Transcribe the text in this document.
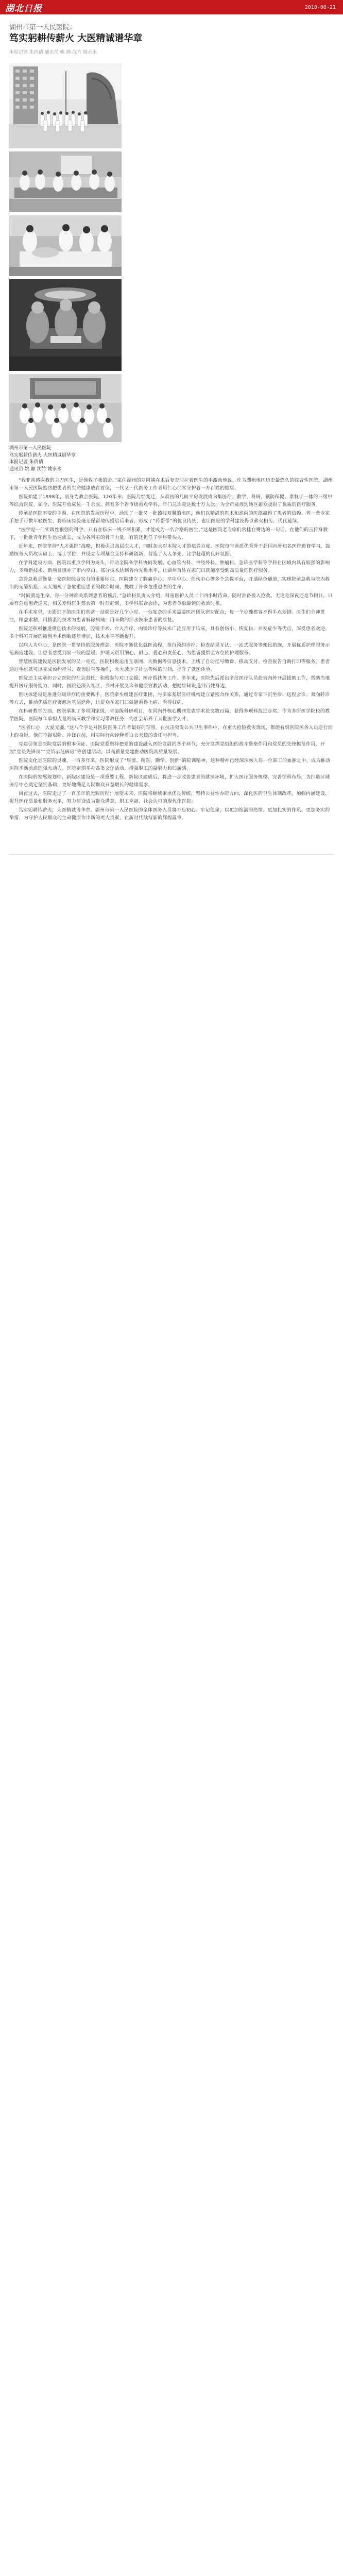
湖北日报	2018-08-21
湖州市第一人民医院：
笃实躬耕传薪火 大医精诚谱华章
本报记者 朱倩倩 通讯员 姚 静 沈竹 姚永水
湖州市第一人民医院
笃实躬耕传薪火 大医精诚谱华章
本报记者 朱倩倩
通讯员 姚 静 沈竹 姚永水

“我非常感谢我的主刀医生，是他救了我的命。”家住湖州的刘阿姨在术后复查时拉着医生的手激动地说。作为湖州地区历史最悠久的综合性医院，湖州市第一人民医院始终把患者的生命健康放在首位，一代又一代医务工作者用仁心仁术守护着一方百姓的健康。

医院始建于1898年，前身为教会医院，120年来，医院几经变迁，从最初的几间平房发展成为集医疗、教学、科研、预防保健、康复于一体的三级甲等综合医院。如今，医院开放床位一千余张，拥有多个省市级重点学科，年门急诊量达数十万人次，为全市及周边地区群众提供了优质的医疗服务。

传承是医院不变的主题。在医院的发展历程中，涌现了一批又一批德技双馨的名医，他们以精湛的医术和高尚的医德赢得了患者的信赖。老一辈专家手把手带教年轻医生，将临床经验毫无保留地传授给后来者，形成了“传帮带”的优良传统，也让医院的学科建设得以薪火相传、代代延续。

“医学是一门实践性很强的科学，只有在临床一线不断积累，才能成为一名合格的医生。”这是医院老专家们常挂在嘴边的一句话。在他们的言传身教下，一批批青年医生迅速成长，成为各科室的骨干力量，有的还担任了学科带头人。

近年来，医院坚持“人才强院”战略，积极引进高层次人才，同时加大对本院人才的培养力度。医院每年选派优秀骨干赴国内外知名医院进修学习，鼓励医务人员攻读硕士、博士学位，并设立专项基金支持科研创新，营造了人人争先、比学赶超的良好氛围。

在学科建设方面，医院以重点学科为龙头，带动全院各学科协同发展。心血管内科、神经外科、肿瘤科、急诊医学科等学科在区域内具有较强的影响力，多项新技术、新项目填补了市内空白，部分技术达到省内先进水平，让湖州百姓在家门口就能享受到高质量的医疗服务。

急诊急救是衡量一家医院综合实力的重要标志。医院建立了胸痛中心、卒中中心、创伤中心等多个急救平台，开通绿色通道，实现院前急救与院内救治的无缝衔接，大大缩短了急危重症患者的救治时间，挽救了许多危重患者的生命。

“时间就是生命，每一分钟都关系到患者的预后。”急诊科负责人介绍，科室医护人员二十四小时待命，随时准备投入抢救。无论是深夜还是节假日，只要有危重患者送来，相关专科医生都会第一时间赶到，多学科联合会诊，为患者争取最佳的救治时机。

在手术室里，无影灯下的医生们常常一站就是好几个小时。一台复杂的手术需要医护团队密切配合，每一个步骤都容不得半点差错。医生们全神贯注，精益求精，用精湛的技术为患者解除病痛，用辛勤的汗水换来患者的康复。

医院还积极推进微创技术的发展，腔镜手术、介入治疗、内镜诊疗等技术广泛应用于临床，具有创伤小、恢复快、并发症少等优点，深受患者欢迎。多个科室开展的微创手术例数逐年增加，技术水平不断提升。

以病人为中心，是医院一贯坚持的服务理念。医院不断优化就医流程，推行预约诊疗、检查结果互认、一站式服务等便民措施，开展优质护理服务示范病房建设，让患者感受到家一般的温暖。护理人员用细心、耐心、爱心和责任心，为患者提供全方位的护理服务。

智慧医院建设是医院发展的又一亮点。医院积极运用互联网、大数据等信息技术，上线了自助挂号缴费、移动支付、检查报告自助打印等服务，患者通过手机就可以完成预约挂号、查询报告等操作，大大减少了排队等候的时间，提升了就医体验。

医院还主动承担公立医院的社会责任，积极参与对口支援、医疗帮扶等工作。多年来，医院先后派出多批医疗队员赴省内外开展援助工作，帮助当地提升医疗服务能力。同时，医院还深入社区、乡村开展义诊和健康宣教活动，把健康知识送到百姓身边。

医联体建设是推进分级诊疗的重要抓手。医院牵头组建医疗集团，与多家基层医疗机构建立紧密合作关系，通过专家下沉坐诊、远程会诊、双向转诊等方式，推动优质医疗资源向基层延伸，让群众在家门口就能看得上病、看得好病。

在科研教学方面，医院承担了多项国家级、省部级科研项目，在国内外核心期刊发表学术论文数百篇，获得多项科技进步奖。作为多所医学院校的教学医院，医院每年承担大量的临床教学和实习带教任务，为社会培养了大批医学人才。

“医者仁心，大爱无疆。”这八个字是对医院医务工作者最好的写照。在抗击突发公共卫生事件中，在重大抢险救灾现场，都能看到医院医务人员逆行而上的身影。他们不畏艰险、冲锋在前，用实际行动诠释着白衣天使的责任与担当。

党建引领是医院发展的根本保证。医院党委坚持把党的建设融入医院发展的各个环节，充分发挥党组织的战斗堡垒作用和党员的先锋模范作用，开展“党员先锋岗”“党员示范病房”等创建活动，以高质量党建推动医院高质量发展。

医院文化是医院的灵魂。一百多年来，医院形成了“厚德、精医、勤学、创新”的院训精神，这种精神已经深深融入每一位职工的血脉之中，成为推动医院不断前进的强大动力。医院定期举办各类文化活动，增强职工的凝聚力和归属感。

在医院的发展规划中，新院区建设是一项重要工程。新院区建成后，将进一步改善患者的就医环境，扩大医疗服务规模，完善学科布局，为打造区域医疗中心奠定坚实基础，更好地满足人民群众日益增长的健康需求。

回首过去，医院走过了一百多年的光辉历程；展望未来，医院将继续秉承优良传统，坚持公益性办院方向，深化医药卫生体制改革，加强内涵建设，提升医疗质量和服务水平，努力建设成为群众满意、职工幸福、社会认可的现代化医院。

笃实躬耕传薪火，大医精诚谱华章。湖州市第一人民医院的全体医务人员将不忘初心、牢记使命，以更加饱满的热情、更加扎实的作风、更加务实的举措，为守护人民群众的生命健康作出新的更大贡献，在新时代续写新的辉煌篇章。
